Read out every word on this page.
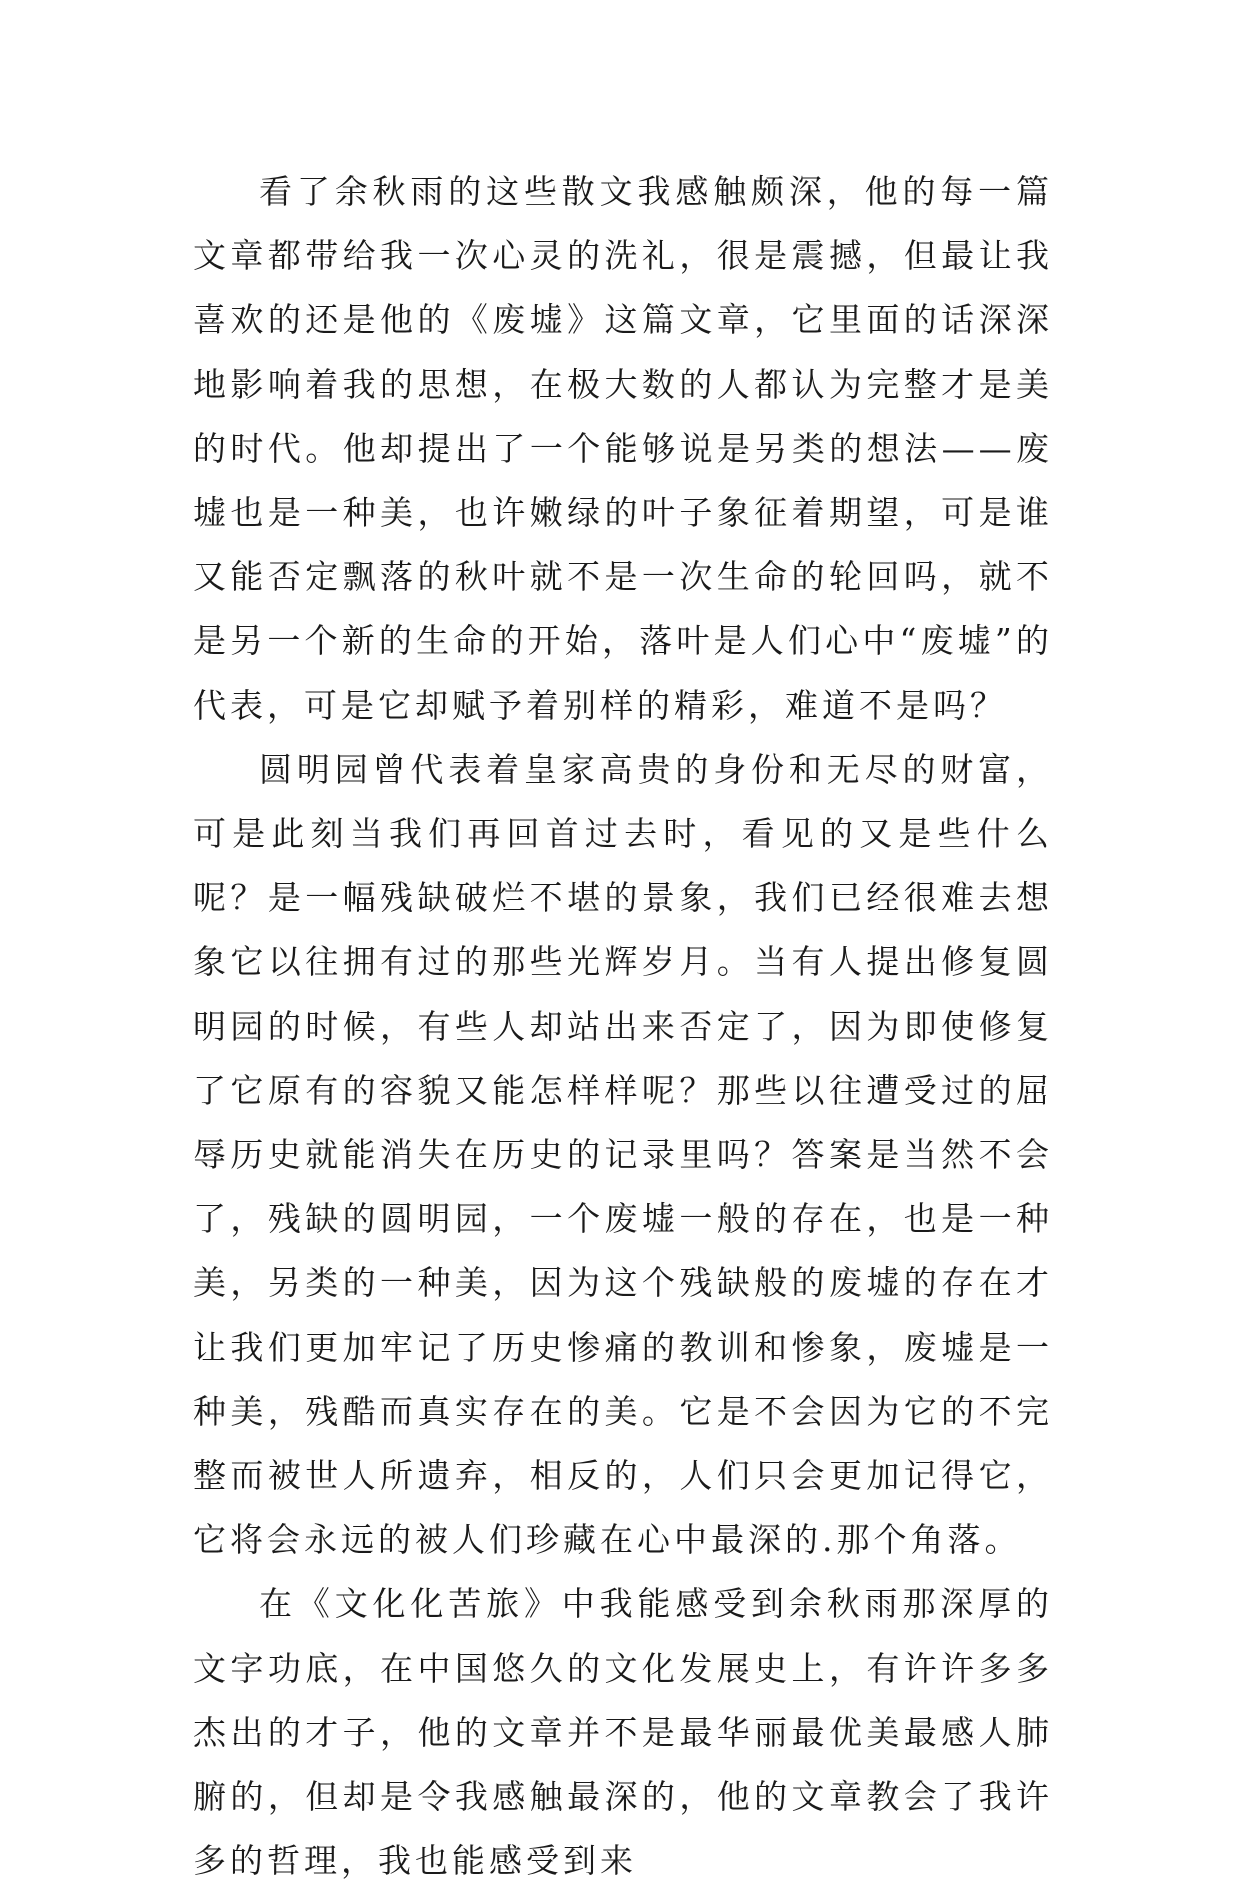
看了余秋雨的这些散文我感触颇深，他的每一篇文章都带给我一次心灵的洗礼，很是震撼，但最让我喜欢的还是他的《废墟》这篇文章，它里面的话深深地影响着我的思想，在极大数的人都认为完整才是美的时代。他却提出了一个能够说是另类的想法——废墟也是一种美，也许嫩绿的叶子象征着期望，可是谁又能否定飘落的秋叶就不是一次生命的轮回吗，就不是另一个新的生命的开始，落叶是人们心中“废墟”的代表，可是它却赋予着别样的精彩，难道不是吗？

圆明园曾代表着皇家高贵的身份和无尽的财富，可是此刻当我们再回首过去时，看见的又是些什么呢？是一幅残缺破烂不堪的景象，我们已经很难去想象它以往拥有过的那些光辉岁月。当有人提出修复圆明园的时候，有些人却站出来否定了，因为即使修复了它原有的容貌又能怎样样呢？那些以往遭受过的屈辱历史就能消失在历史的记录里吗？答案是当然不会了，残缺的圆明园，一个废墟一般的存在，也是一种美，另类的一种美，因为这个残缺般的废墟的存在才让我们更加牢记了历史惨痛的教训和惨象，废墟是一种美，残酷而真实存在的美。它是不会因为它的不完整而被世人所遗弃，相反的，人们只会更加记得它，它将会永远的被人们珍藏在心中最深的.那个角落。

在《文化化苦旅》中我能感受到余秋雨那深厚的文字功底，在中国悠久的文化发展史上，有许许多多杰出的才子，他的文章并不是最华丽最优美最感人肺腑的，但却是令我感触最深的，他的文章教会了我许多的哲理，我也能感受到来
